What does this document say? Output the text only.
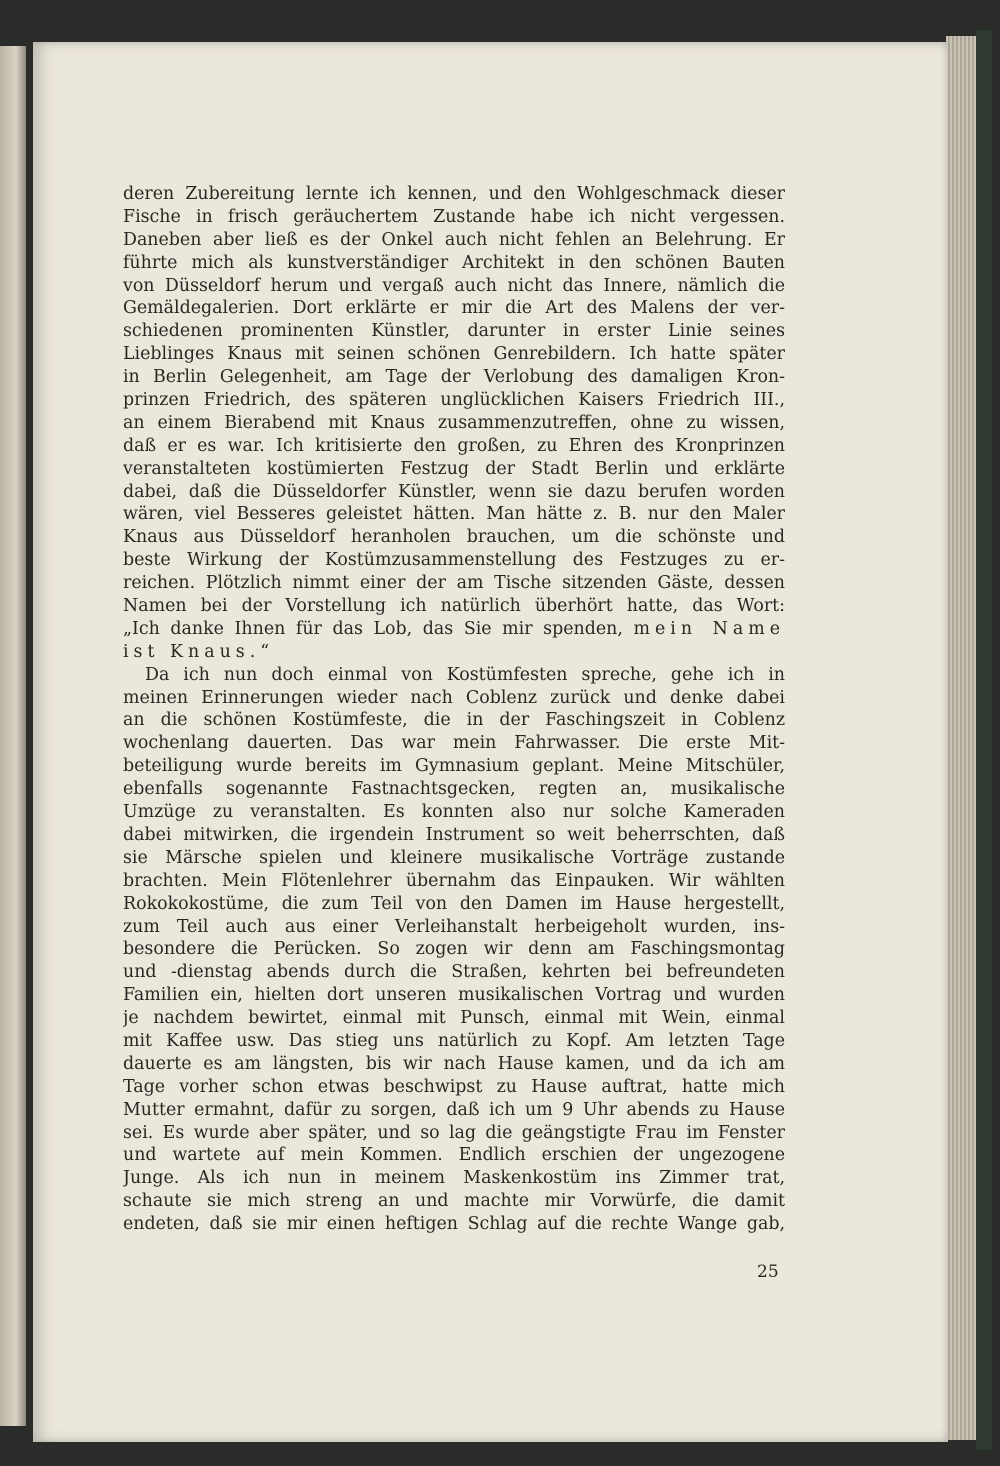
deren Zubereitung lernte ich kennen, und den Wohlgeschmack dieser
Fische in frisch geräuchertem Zustande habe ich nicht vergessen.
Daneben aber ließ es der Onkel auch nicht fehlen an Belehrung. Er
führte mich als kunstverständiger Architekt in den schönen Bauten
von Düsseldorf herum und vergaß auch nicht das Innere, nämlich die
Gemäldegalerien. Dort erklärte er mir die Art des Malens der ver-
schiedenen prominenten Künstler, darunter in erster Linie seines
Lieblinges Knaus mit seinen schönen Genrebildern. Ich hatte später
in Berlin Gelegenheit, am Tage der Verlobung des damaligen Kron-
prinzen Friedrich, des späteren unglücklichen Kaisers Friedrich III.,
an einem Bierabend mit Knaus zusammenzutreffen, ohne zu wissen,
daß er es war. Ich kritisierte den großen, zu Ehren des Kronprinzen
veranstalteten kostümierten Festzug der Stadt Berlin und erklärte
dabei, daß die Düsseldorfer Künstler, wenn sie dazu berufen worden
wären, viel Besseres geleistet hätten. Man hätte z. B. nur den Maler
Knaus aus Düsseldorf heranholen brauchen, um die schönste und
beste Wirkung der Kostümzusammenstellung des Festzuges zu er-
reichen. Plötzlich nimmt einer der am Tische sitzenden Gäste, dessen
Namen bei der Vorstellung ich natürlich überhört hatte, das Wort:
„Ich danke Ihnen für das Lob, das Sie mir spenden, mein Name
ist Knaus.“
Da ich nun doch einmal von Kostümfesten spreche, gehe ich in
meinen Erinnerungen wieder nach Coblenz zurück und denke dabei
an die schönen Kostümfeste, die in der Faschingszeit in Coblenz
wochenlang dauerten. Das war mein Fahrwasser. Die erste Mit-
beteiligung wurde bereits im Gymnasium geplant. Meine Mitschüler,
ebenfalls sogenannte Fastnachtsgecken, regten an, musikalische
Umzüge zu veranstalten. Es konnten also nur solche Kameraden
dabei mitwirken, die irgendein Instrument so weit beherrschten, daß
sie Märsche spielen und kleinere musikalische Vorträge zustande
brachten. Mein Flötenlehrer übernahm das Einpauken. Wir wählten
Rokokokostüme, die zum Teil von den Damen im Hause hergestellt,
zum Teil auch aus einer Verleihanstalt herbeigeholt wurden, ins-
besondere die Perücken. So zogen wir denn am Faschingsmontag
und -dienstag abends durch die Straßen, kehrten bei befreundeten
Familien ein, hielten dort unseren musikalischen Vortrag und wurden
je nachdem bewirtet, einmal mit Punsch, einmal mit Wein, einmal
mit Kaffee usw. Das stieg uns natürlich zu Kopf. Am letzten Tage
dauerte es am längsten, bis wir nach Hause kamen, und da ich am
Tage vorher schon etwas beschwipst zu Hause auftrat, hatte mich
Mutter ermahnt, dafür zu sorgen, daß ich um 9 Uhr abends zu Hause
sei. Es wurde aber später, und so lag die geängstigte Frau im Fenster
und wartete auf mein Kommen. Endlich erschien der ungezogene
Junge. Als ich nun in meinem Maskenkostüm ins Zimmer trat,
schaute sie mich streng an und machte mir Vorwürfe, die damit
endeten, daß sie mir einen heftigen Schlag auf die rechte Wange gab,
25
